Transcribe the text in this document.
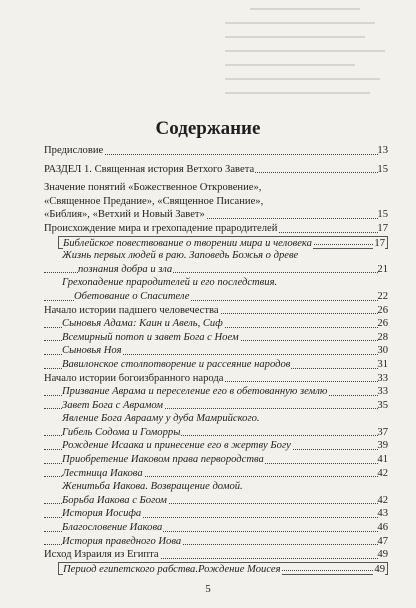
Содержание
Предисловие	13
РАЗДЕЛ 1. Священная история Ветхого Завета	15
Значение понятий «Божественное Откровение»,
«Священное Предание», «Священное Писание»,
«Библия», «Ветхий и Новый Завет»	15
Происхождение мира и грехопадение прародителей	17
Библейское повествование о творении мира и человека	17
Жизнь первых людей в раю. Заповедь Божья о древе
познания добра и зла	21
Грехопадение прародителей и его последствия.
Обетование о Спасителе	22
Начало истории падшего человечества	26
Сыновья Адама: Каин и Авель, Сиф	26
Всемирный потоп и завет Бога с Ноем	28
Сыновья Ноя	30
Вавилонское столпотворение и рассеяние народов	31
Начало истории богоизбранного народа	33
Призвание Аврама и переселение его в обетованную землю	33
Завет Бога с Аврамом	35
Явление Бога Аврааму у дуба Мамрийского.
Гибель Содома и Гоморры	37
Рождение Исаака и принесение его в жертву Богу	39
Приобретение Иаковом права первородства	41
Лестница Иакова	42
Женитьба Иакова. Возвращение домой.
Борьба Иакова с Богом	42
История Иосифа	43
Благословение Иакова	46
История праведного Иова	47
Исход Израиля из Египта	49
Период египетского рабства.Рождение Моисея	49
5
